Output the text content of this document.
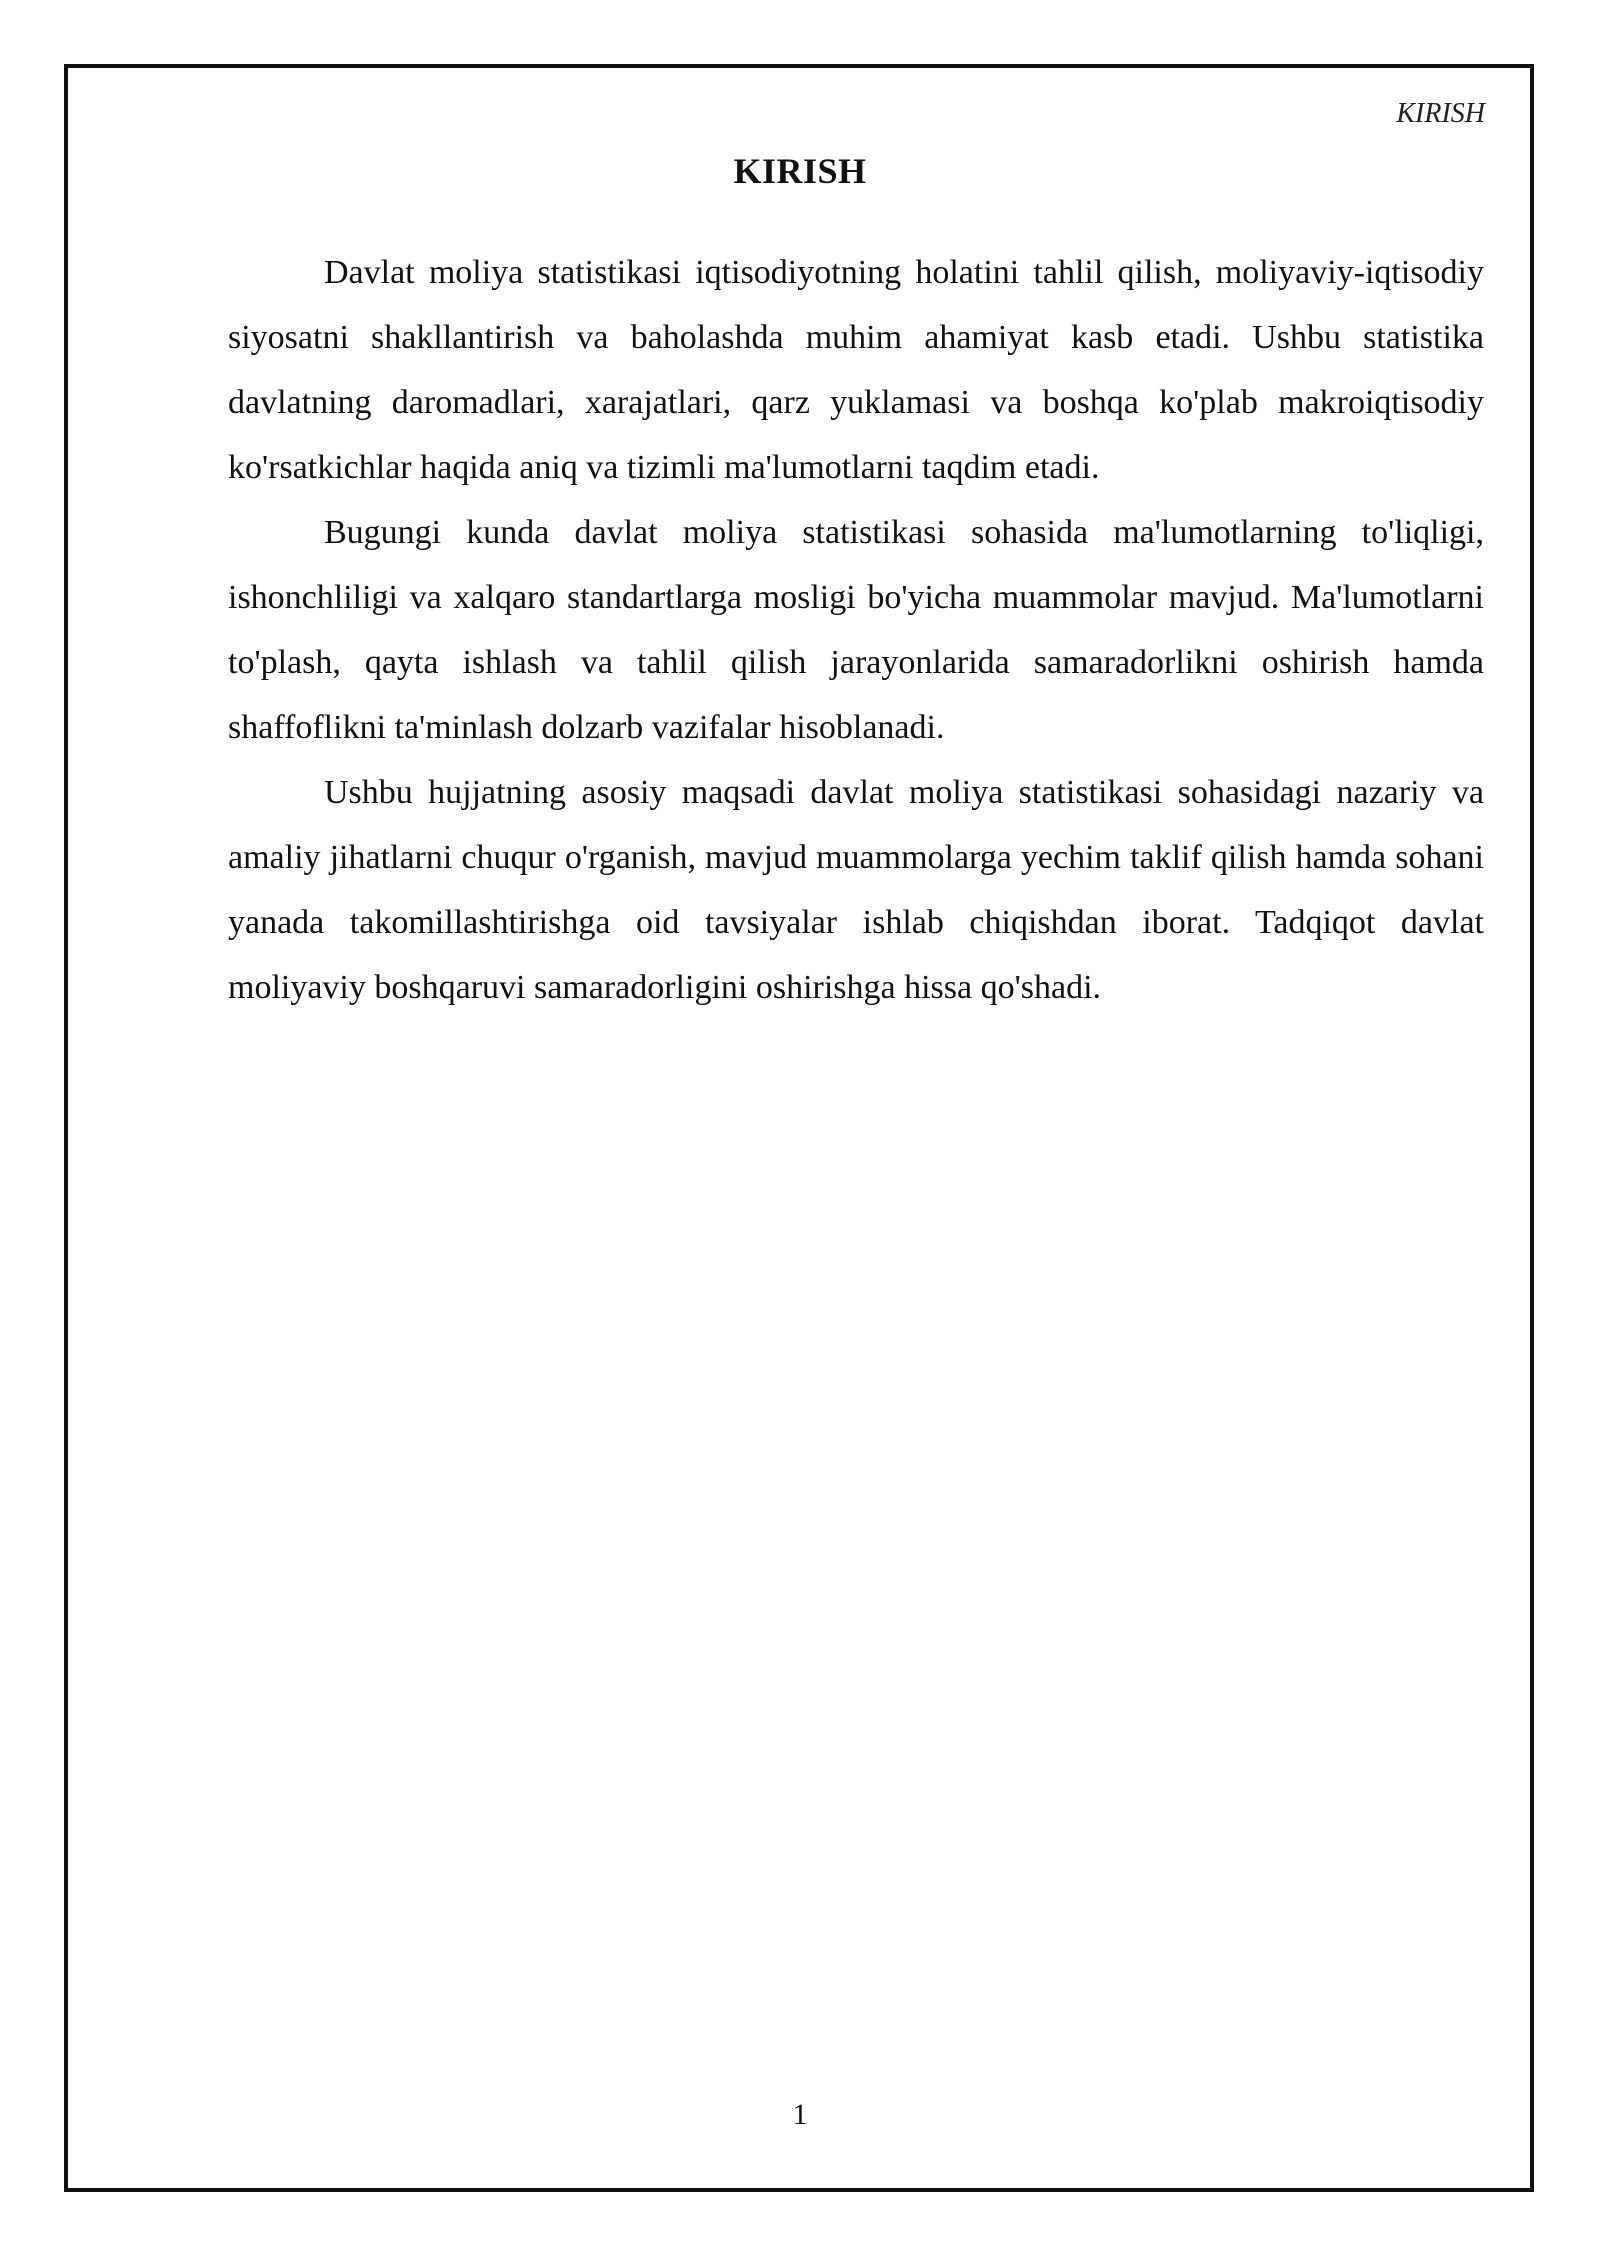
KIRISH

KIRISH

Davlat moliya statistikasi iqtisodiyotning holatini tahlil qilish, moliyaviy-iqtisodiy siyosatni shakllantirish va baholashda muhim ahamiyat kasb etadi. Ushbu statistika davlatning daromadlari, xarajatlari, qarz yuklamasi va boshqa ko'plab makroiqtisodiy ko'rsatkichlar haqida aniq va tizimli ma'lumotlarni taqdim etadi.

Bugungi kunda davlat moliya statistikasi sohasida ma'lumotlarning to'liqligi, ishonchliligi va xalqaro standartlarga mosligi bo'yicha muammolar mavjud. Ma'lumotlarni to'plash, qayta ishlash va tahlil qilish jarayonlarida samaradorlikni oshirish hamda shaffoflikni ta'minlash dolzarb vazifalar hisoblanadi.

Ushbu hujjatning asosiy maqsadi davlat moliya statistikasi sohasidagi nazariy va amaliy jihatlarni chuqur o'rganish, mavjud muammolarga yechim taklif qilish hamda sohani yanada takomillashtirishga oid tavsiyalar ishlab chiqishdan iborat. Tadqiqot davlat moliyaviy boshqaruvi samaradorligini oshirishga hissa qo'shadi.

1
